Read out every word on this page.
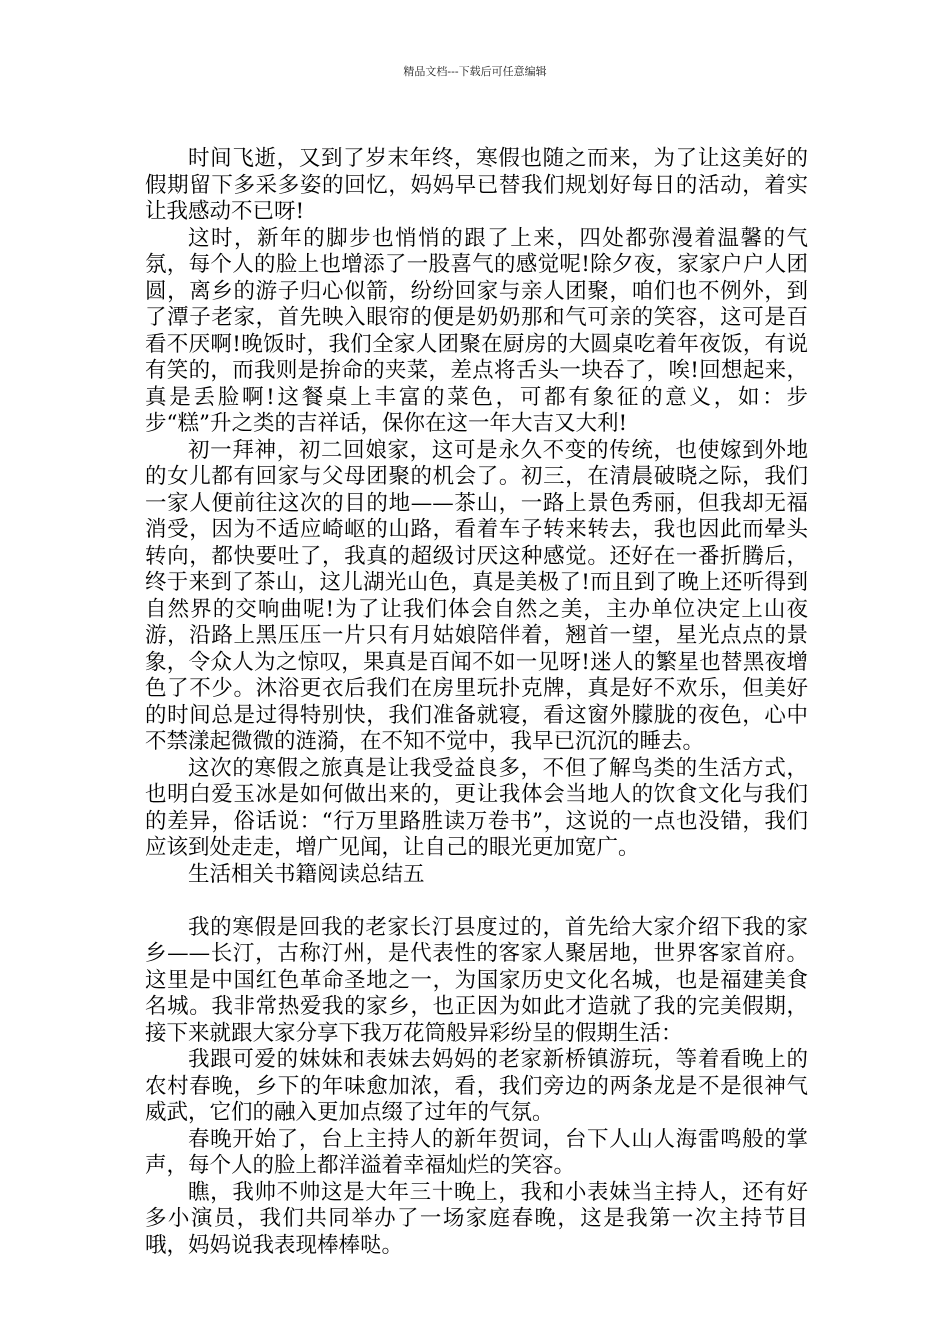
精品文档---下载后可任意编辑

时间飞逝，又到了岁末年终，寒假也随之而来，为了让这美好的假期留下多采多姿的回忆，妈妈早已替我们规划好每日的活动，着实让我感动不已呀!

这时，新年的脚步也悄悄的跟了上来，四处都弥漫着温馨的气氛，每个人的脸上也增添了一股喜气的感觉呢!除夕夜，家家户户人团圆，离乡的游子归心似箭，纷纷回家与亲人团聚，咱们也不例外，到了潭子老家，首先映入眼帘的便是奶奶那和气可亲的笑容，这可是百看不厌啊!晚饭时，我们全家人团聚在厨房的大圆桌吃着年夜饭，有说有笑的，而我则是拚命的夹菜，差点将舌头一块吞了，唉!回想起来，真是丢脸啊!这餐桌上丰富的菜色，可都有象征的意义，如：步步“糕”升之类的吉祥话，保你在这一年大吉又大利!

初一拜神，初二回娘家，这可是永久不变的传统，也使嫁到外地的女儿都有回家与父母团聚的机会了。初三，在清晨破晓之际，我们一家人便前往这次的目的地——茶山，一路上景色秀丽，但我却无福消受，因为不适应崎岖的山路，看着车子转来转去，我也因此而晕头转向，都快要吐了，我真的超级讨厌这种感觉。还好在一番折腾后，终于来到了茶山，这儿湖光山色，真是美极了!而且到了晚上还听得到自然界的交响曲呢!为了让我们体会自然之美，主办单位决定上山夜游，沿路上黑压压一片只有月姑娘陪伴着，翘首一望，星光点点的景象，令众人为之惊叹，果真是百闻不如一见呀!迷人的繁星也替黑夜增色了不少。沐浴更衣后我们在房里玩扑克牌，真是好不欢乐，但美好的时间总是过得特别快，我们准备就寝，看这窗外朦胧的夜色，心中不禁漾起微微的涟漪，在不知不觉中，我早已沉沉的睡去。

这次的寒假之旅真是让我受益良多，不但了解鸟类的生活方式，也明白爱玉冰是如何做出来的，更让我体会当地人的饮食文化与我们的差异，俗话说：“行万里路胜读万卷书”，这说的一点也没错，我们应该到处走走，增广见闻，让自己的眼光更加宽广。

生活相关书籍阅读总结五

我的寒假是回我的老家长汀县度过的，首先给大家介绍下我的家乡——长汀，古称汀州，是代表性的客家人聚居地，世界客家首府。这里是中国红色革命圣地之一，为国家历史文化名城，也是福建美食名城。我非常热爱我的家乡，也正因为如此才造就了我的完美假期，接下来就跟大家分享下我万花筒般异彩纷呈的假期生活：

我跟可爱的妹妹和表妹去妈妈的老家新桥镇游玩，等着看晚上的农村春晚，乡下的年味愈加浓，看，我们旁边的两条龙是不是很神气威武，它们的融入更加点缀了过年的气氛。

春晚开始了，台上主持人的新年贺词，台下人山人海雷鸣般的掌声，每个人的脸上都洋溢着幸福灿烂的笑容。

瞧，我帅不帅这是大年三十晚上，我和小表妹当主持人，还有好多小演员，我们共同举办了一场家庭春晚，这是我第一次主持节目哦，妈妈说我表现棒棒哒。
